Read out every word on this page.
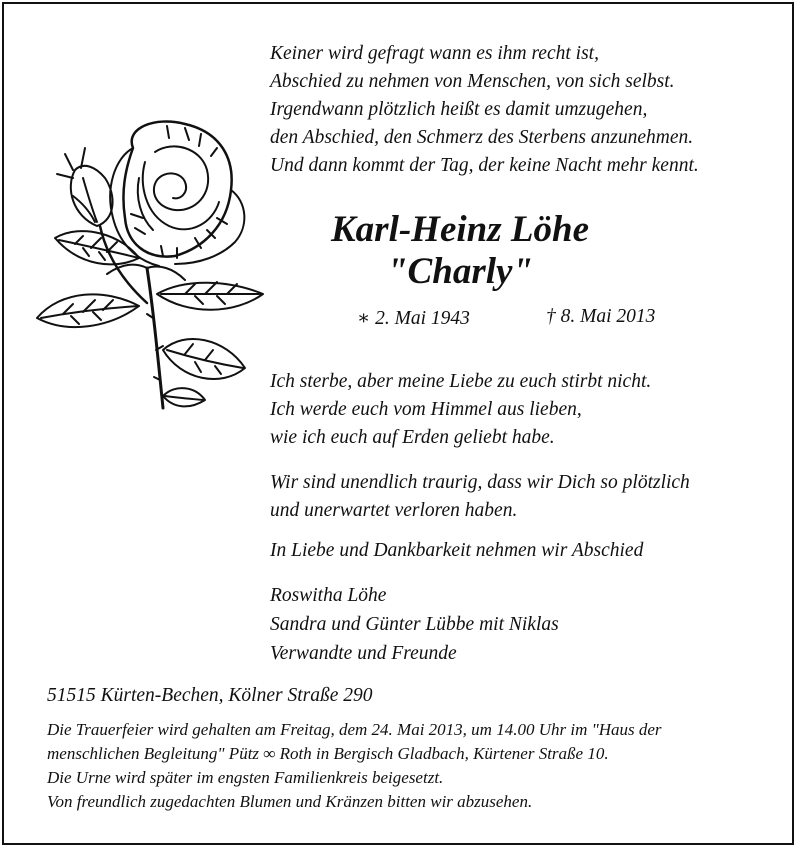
Keiner wird gefragt wann es ihm recht ist,
Abschied zu nehmen von Menschen, von sich selbst.
Irgendwann plötzlich heißt es damit umzugehen,
den Abschied, den Schmerz des Sterbens anzunehmen.
Und dann kommt der Tag, der keine Nacht mehr kennt.
Karl-Heinz Löhe
"Charly"
∗ 2. Mai 1943	† 8. Mai 2013
Ich sterbe, aber meine Liebe zu euch stirbt nicht.
Ich werde euch vom Himmel aus lieben,
wie ich euch auf Erden geliebt habe.
Wir sind unendlich traurig, dass wir Dich so plötzlich
und unerwartet verloren haben.
In Liebe und Dankbarkeit nehmen wir Abschied
Roswitha Löhe
Sandra und Günter Lübbe mit Niklas
Verwandte und Freunde
51515 Kürten-Bechen, Kölner Straße 290
Die Trauerfeier wird gehalten am Freitag, dem 24. Mai 2013, um 14.00 Uhr im "Haus der
menschlichen Begleitung" Pütz ∞ Roth in Bergisch Gladbach, Kürtener Straße 10.
Die Urne wird später im engsten Familienkreis beigesetzt.
Von freundlich zugedachten Blumen und Kränzen bitten wir abzusehen.
